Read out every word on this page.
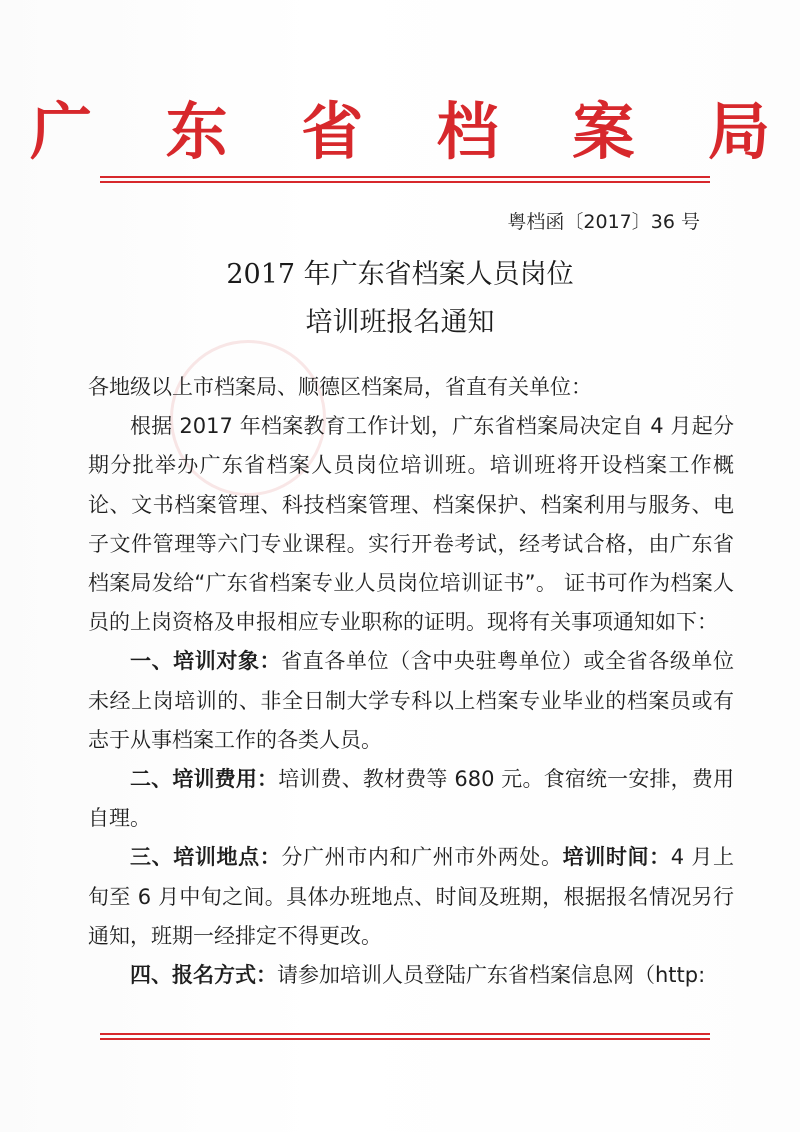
广 东 省 档 案 局
粤档函〔2017〕36 号
2017 年广东省档案人员岗位
培训班报名通知

各地级以上市档案局、顺德区档案局，省直有关单位：

根据 2017 年档案教育工作计划，广东省档案局决定自 4 月起分期分批举办广东省档案人员岗位培训班。培训班将开设档案工作概论、文书档案管理、科技档案管理、档案保护、档案利用与服务、电子文件管理等六门专业课程。实行开卷考试，经考试合格，由广东省档案局发给“广东省档案专业人员岗位培训证书”。 证书可作为档案人员的上岗资格及申报相应专业职称的证明。现将有关事项通知如下：

一、培训对象：省直各单位（含中央驻粤单位）或全省各级单位未经上岗培训的、非全日制大学专科以上档案专业毕业的档案员或有志于从事档案工作的各类人员。

二、培训费用：培训费、教材费等 680 元。食宿统一安排，费用自理。

三、培训地点：分广州市内和广州市外两处。培训时间：4 月上旬至 6 月中旬之间。具体办班地点、时间及班期，根据报名情况另行通知，班期一经排定不得更改。

四、报名方式：请参加培训人员登陆广东省档案信息网（http:
